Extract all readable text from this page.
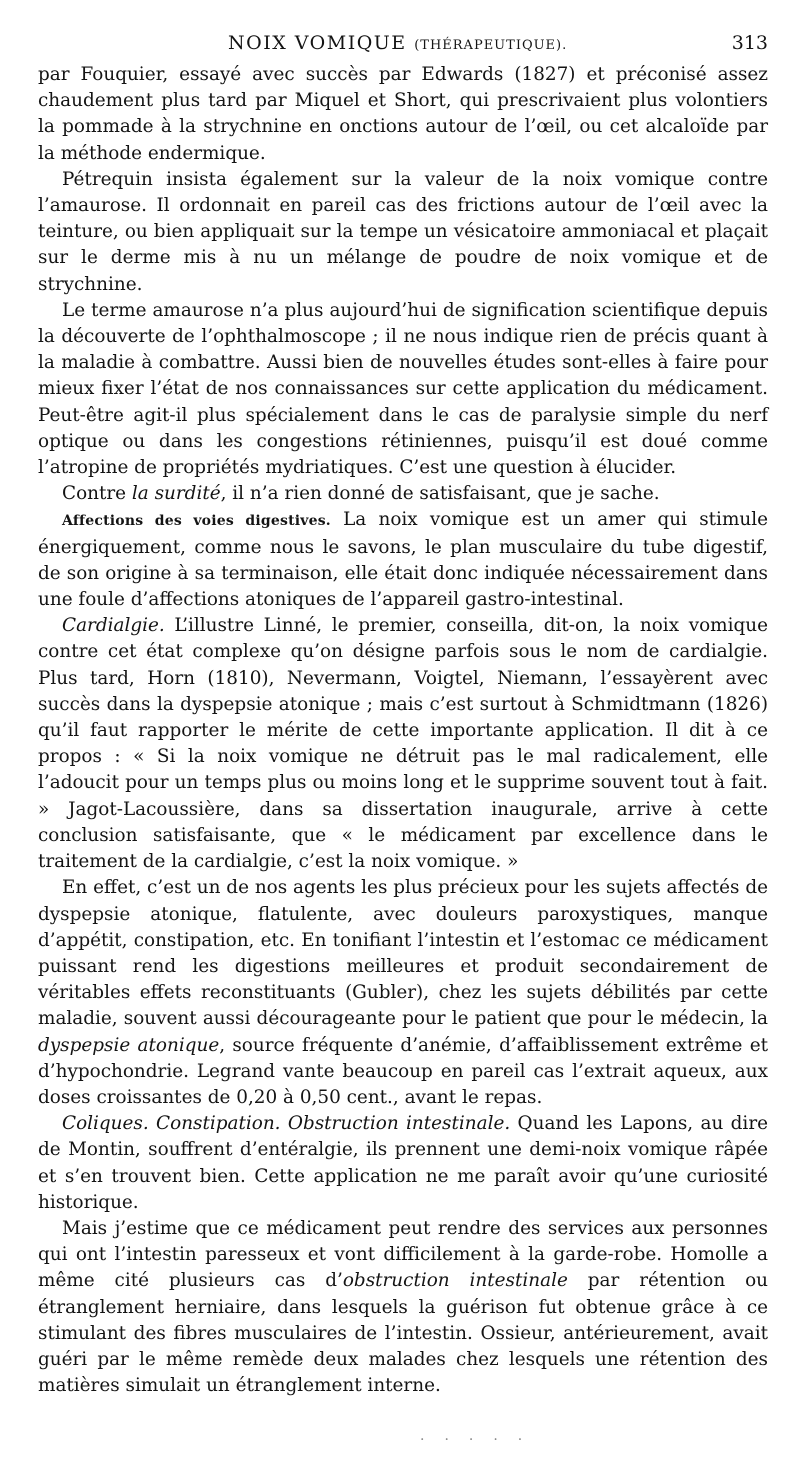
NOIX VOMIQUE (THÉRAPEUTIQUE).	313

par Fouquier, essayé avec succès par Edwards (1827) et préconisé assez chaudement plus tard par Miquel et Short, qui prescrivaient plus volontiers la pommade à la strychnine en onctions autour de l’œil, ou cet alcaloïde par la méthode endermique.

Pétrequin insista également sur la valeur de la noix vomique contre l’amaurose. Il ordonnait en pareil cas des frictions autour de l’œil avec la teinture, ou bien appliquait sur la tempe un vésicatoire ammoniacal et plaçait sur le derme mis à nu un mélange de poudre de noix vomique et de strychnine.

Le terme amaurose n’a plus aujourd’hui de signification scientifique depuis la découverte de l’ophthalmoscope ; il ne nous indique rien de précis quant à la maladie à combattre. Aussi bien de nouvelles études sont-elles à faire pour mieux fixer l’état de nos connaissances sur cette application du médicament. Peut-être agit-il plus spécialement dans le cas de paralysie simple du nerf optique ou dans les congestions rétiniennes, puisqu’il est doué comme l’atropine de propriétés mydriatiques. C’est une question à élucider.

Contre la surdité, il n’a rien donné de satisfaisant, que je sache.

Affections des voies digestives. La noix vomique est un amer qui stimule énergiquement, comme nous le savons, le plan musculaire du tube digestif, de son origine à sa terminaison, elle était donc indiquée nécessairement dans une foule d’affections atoniques de l’appareil gastro-intestinal.

Cardialgie. L’illustre Linné, le premier, conseilla, dit-on, la noix vomique contre cet état complexe qu’on désigne parfois sous le nom de cardialgie. Plus tard, Horn (1810), Nevermann, Voigtel, Niemann, l’essayèrent avec succès dans la dyspepsie atonique ; mais c’est surtout à Schmidtmann (1826) qu’il faut rapporter le mérite de cette importante application. Il dit à ce propos : « Si la noix vomique ne détruit pas le mal radicalement, elle l’adoucit pour un temps plus ou moins long et le supprime souvent tout à fait. » Jagot-Lacoussière, dans sa dissertation inaugurale, arrive à cette conclusion satisfaisante, que « le médicament par excellence dans le traitement de la cardialgie, c’est la noix vomique. »

En effet, c’est un de nos agents les plus précieux pour les sujets affectés de dyspepsie atonique, flatulente, avec douleurs paroxystiques, manque d’appétit, constipation, etc. En tonifiant l’intestin et l’estomac ce médicament puissant rend les digestions meilleures et produit secondairement de véritables effets reconstituants (Gubler), chez les sujets débilités par cette maladie, souvent aussi décourageante pour le patient que pour le médecin, la dyspepsie atonique, source fréquente d’anémie, d’affaiblissement extrême et d’hypochondrie. Legrand vante beaucoup en pareil cas l’extrait aqueux, aux doses croissantes de 0,20 à 0,50 cent., avant le repas.

Coliques. Constipation. Obstruction intestinale. Quand les Lapons, au dire de Montin, souffrent d’entéralgie, ils prennent une demi-noix vomique râpée et s’en trouvent bien. Cette application ne me paraît avoir qu’une curiosité historique.

Mais j’estime que ce médicament peut rendre des services aux personnes qui ont l’intestin paresseux et vont difficilement à la garde-robe. Homolle a même cité plusieurs cas d’obstruction intestinale par rétention ou étranglement herniaire, dans lesquels la guérison fut obtenue grâce à ce stimulant des fibres musculaires de l’intestin. Ossieur, antérieurement, avait guéri par le même remède deux malades chez lesquels une rétention des matières simulait un étranglement interne.

·····
